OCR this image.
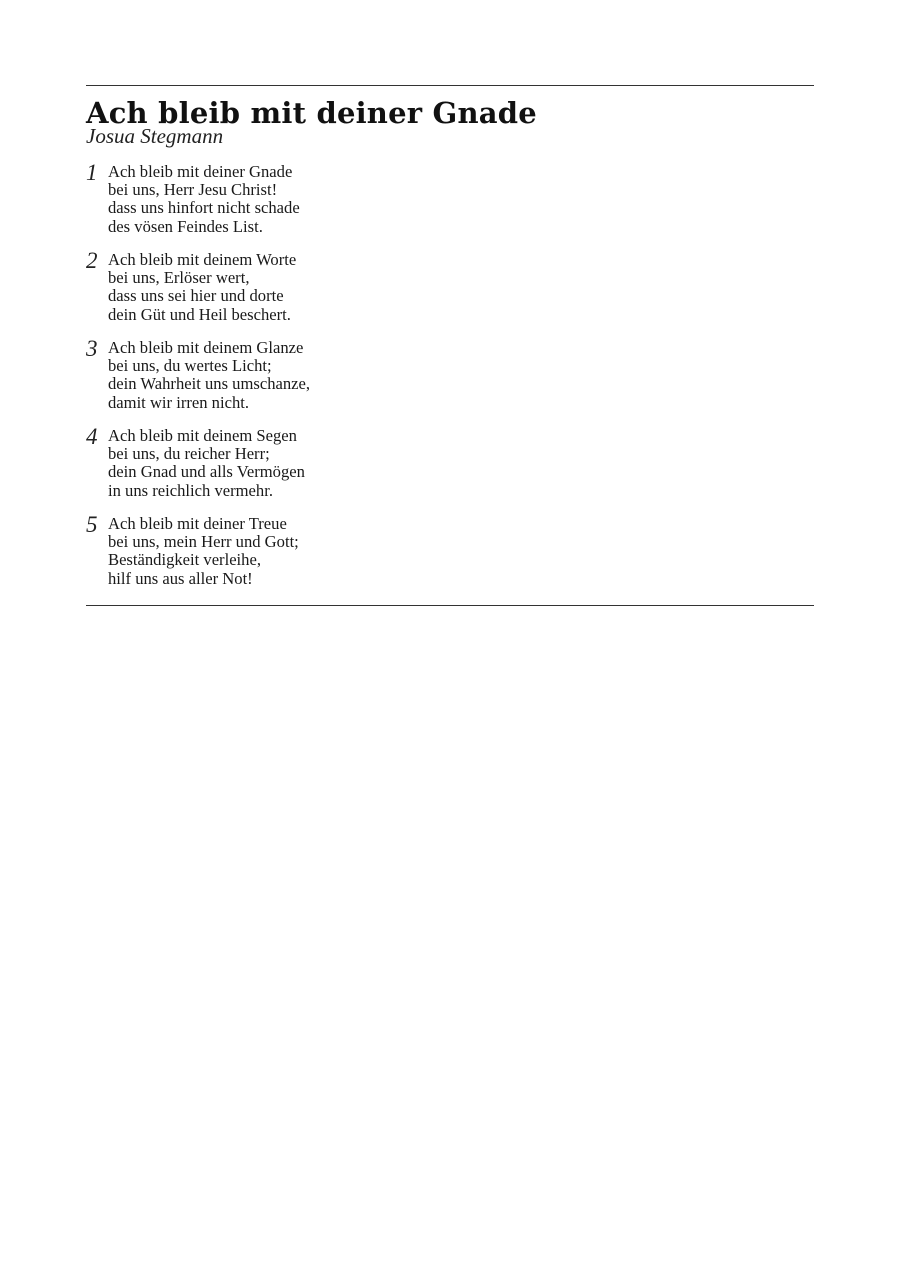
Ach bleib mit deiner Gnade

Josua Stegmann

1 Ach bleib mit deiner Gnade
bei uns, Herr Jesu Christ!
dass uns hinfort nicht schade
des vösen Feindes List.
2 Ach bleib mit deinem Worte
bei uns, Erlöser wert,
dass uns sei hier und dorte
dein Güt und Heil beschert.
3 Ach bleib mit deinem Glanze
bei uns, du wertes Licht;
dein Wahrheit uns umschanze,
damit wir irren nicht.
4 Ach bleib mit deinem Segen
bei uns, du reicher Herr;
dein Gnad und alls Vermögen
in uns reichlich vermehr.
5 Ach bleib mit deiner Treue
bei uns, mein Herr und Gott;
Beständigkeit verleihe,
hilf uns aus aller Not!
